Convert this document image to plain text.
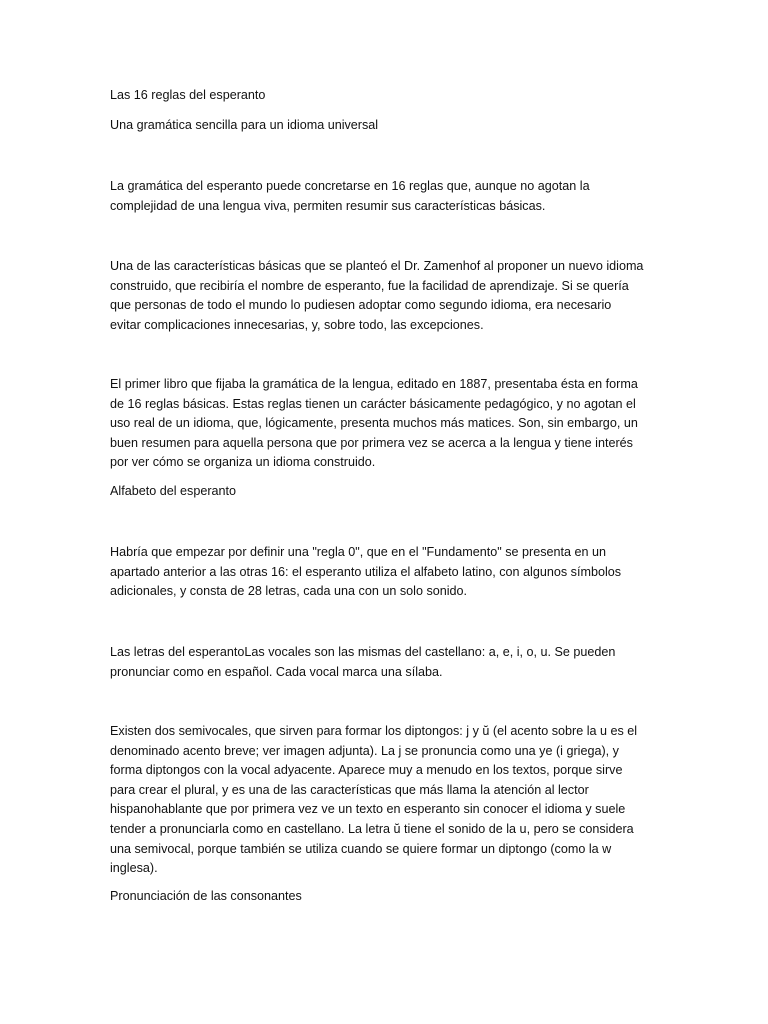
Las 16 reglas del esperanto

Una gramática sencilla para un idioma universal

La gramática del esperanto puede concretarse en 16 reglas que, aunque no agotan la
complejidad de una lengua viva, permiten resumir sus características básicas.

Una de las características básicas que se planteó el Dr. Zamenhof al proponer un nuevo idioma
construido, que recibiría el nombre de esperanto, fue la facilidad de aprendizaje. Si se quería
que personas de todo el mundo lo pudiesen adoptar como segundo idioma, era necesario
evitar complicaciones innecesarias, y, sobre todo, las excepciones.

El primer libro que fijaba la gramática de la lengua, editado en 1887, presentaba ésta en forma
de 16 reglas básicas. Estas reglas tienen un carácter básicamente pedagógico, y no agotan el
uso real de un idioma, que, lógicamente, presenta muchos más matices. Son, sin embargo, un
buen resumen para aquella persona que por primera vez se acerca a la lengua y tiene interés
por ver cómo se organiza un idioma construido.

Alfabeto del esperanto

Habría que empezar por definir una "regla 0", que en el "Fundamento" se presenta en un
apartado anterior a las otras 16: el esperanto utiliza el alfabeto latino, con algunos símbolos
adicionales, y consta de 28 letras, cada una con un solo sonido.

Las letras del esperantoLas vocales son las mismas del castellano: a, e, i, o, u. Se pueden
pronunciar como en español. Cada vocal marca una sílaba.

Existen dos semivocales, que sirven para formar los diptongos: j y ŭ (el acento sobre la u es el
denominado acento breve; ver imagen adjunta). La j se pronuncia como una ye (i griega), y
forma diptongos con la vocal adyacente. Aparece muy a menudo en los textos, porque sirve
para crear el plural, y es una de las características que más llama la atención al lector
hispanohablante que por primera vez ve un texto en esperanto sin conocer el idioma y suele
tender a pronunciarla como en castellano. La letra ŭ tiene el sonido de la u, pero se considera
una semivocal, porque también se utiliza cuando se quiere formar un diptongo (como la w
inglesa).

Pronunciación de las consonantes
